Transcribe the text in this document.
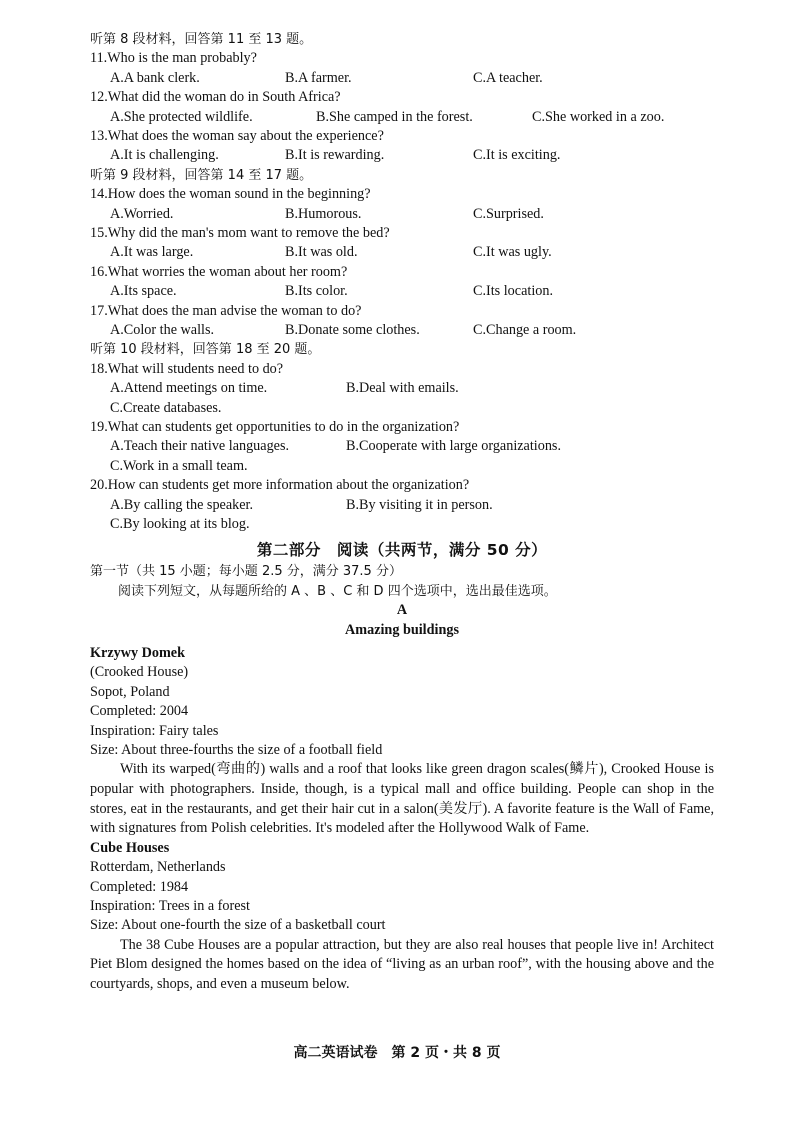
听第 8 段材料，回答第 11 至 13 题。
11.Who is the man probably?
A.A bank clerk.	B.A farmer.	C.A teacher.
12.What did the woman do in South Africa?
A.She protected wildlife.	B.She camped in the forest.	C.She worked in a zoo.
13.What does the woman say about the experience?
A.It is challenging.	B.It is rewarding.	C.It is exciting.
听第 9 段材料，回答第 14 至 17 题。
14.How does the woman sound in the beginning?
A.Worried.	B.Humorous.	C.Surprised.
15.Why did the man's mom want to remove the bed?
A.It was large.	B.It was old.	C.It was ugly.
16.What worries the woman about her room?
A.Its space.	B.Its color.	C.Its location.
17.What does the man advise the woman to do?
A.Color the walls.	B.Donate some clothes.	C.Change a room.
听第 10 段材料，回答第 18 至 20 题。
18.What will students need to do?
A.Attend meetings on time.	B.Deal with emails.
C.Create databases.
19.What can students get opportunities to do in the organization?
A.Teach their native languages.	B.Cooperate with large organizations.
C.Work in a small team.
20.How can students get more information about the organization?
A.By calling the speaker.	B.By visiting it in person.
C.By looking at its blog.
第二部分　阅读（共两节，满分 50 分）
第一节（共 15 小题；每小题 2.5 分，满分 37.5 分）
阅读下列短文，从每题所给的 A 、B 、C 和 D 四个选项中，选出最佳选项。
A
Amazing buildings
Krzywy Domek
(Crooked House)
Sopot, Poland
Completed: 2004
Inspiration: Fairy tales
Size: About three-fourths the size of a football field
With its warped(弯曲的) walls and a roof that looks like green dragon scales(鳞片), Crooked House is popular with photographers. Inside, though, is a typical mall and office building. People can shop in the stores, eat in the restaurants, and get their hair cut in a salon(美发厅). A favorite feature is the Wall of Fame, with signatures from Polish celebrities. It's modeled after the Hollywood Walk of Fame.
Cube Houses
Rotterdam, Netherlands
Completed: 1984
Inspiration: Trees in a forest
Size: About one-fourth the size of a basketball court
The 38 Cube Houses are a popular attraction, but they are also real houses that people live in! Architect Piet Blom designed the homes based on the idea of “living as an urban roof”, with the housing above and the courtyards, shops, and even a museum below.
高二英语试卷　第 2 页・共 8 页
